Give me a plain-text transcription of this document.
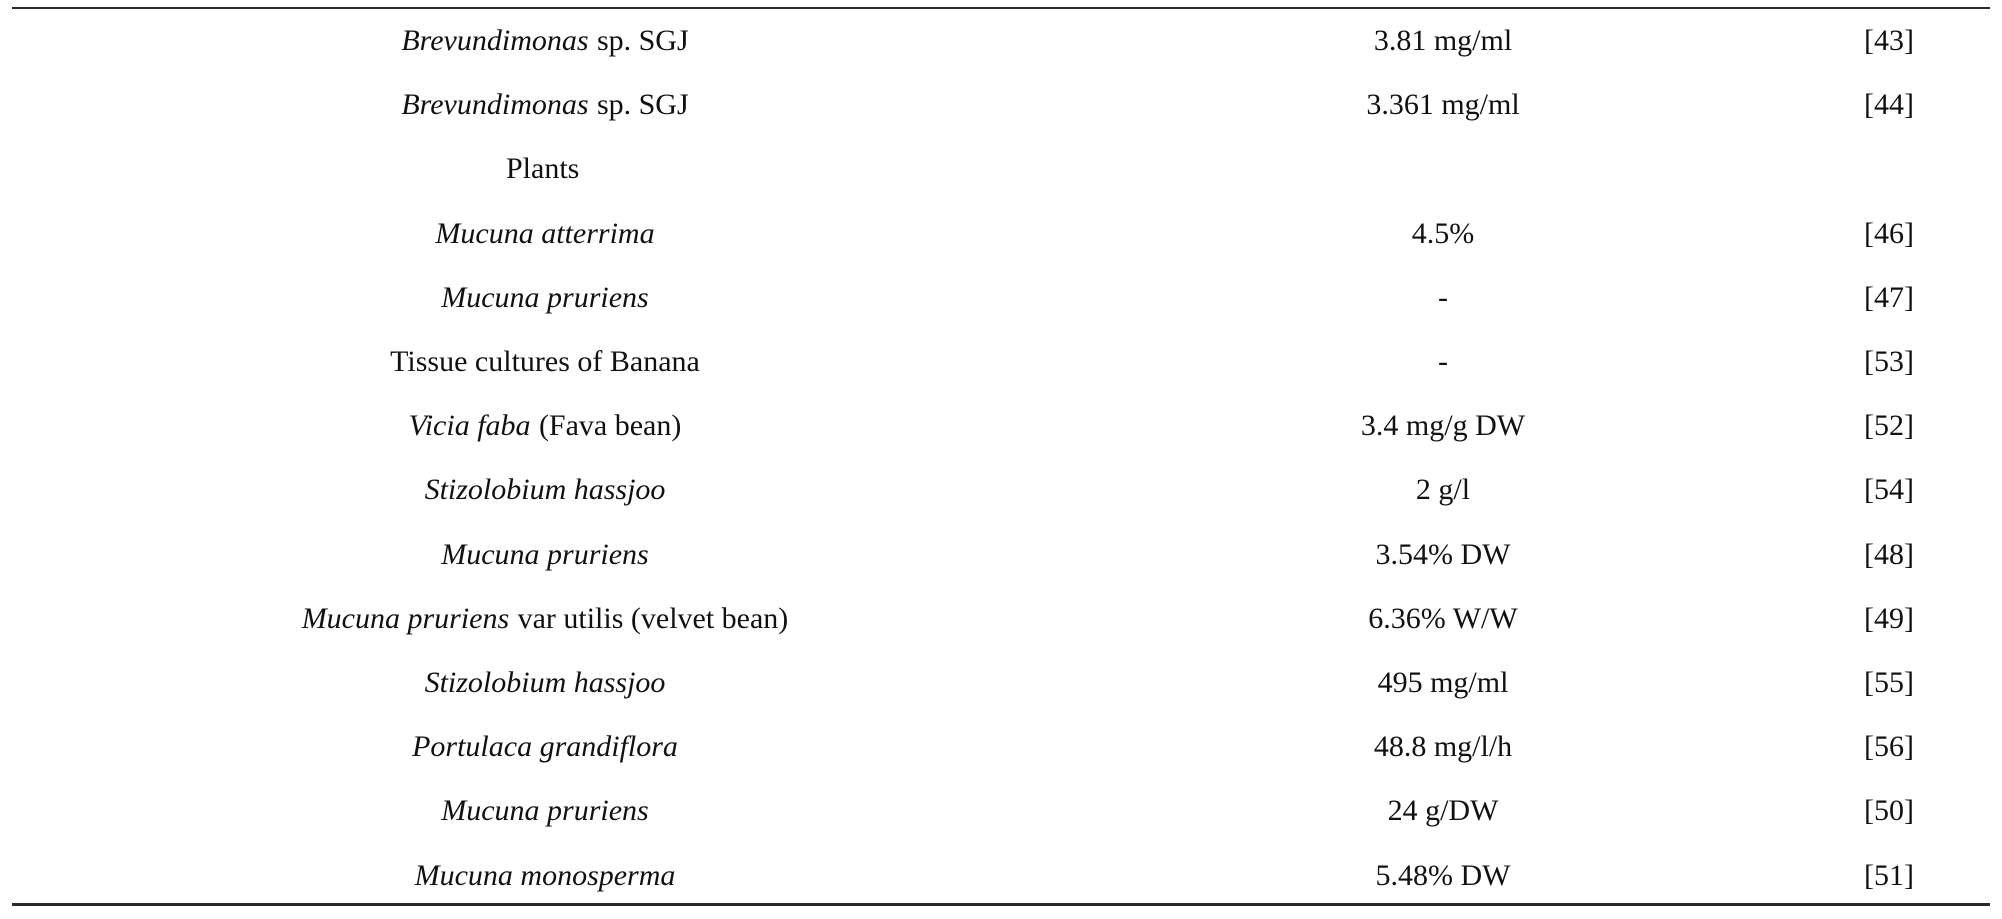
Brevundimonas sp. SGJ	3.81 mg/ml	[43]
Brevundimonas sp. SGJ	3.361 mg/ml	[44]
Plants
Mucuna atterrima	4.5%	[46]
Mucuna pruriens	-	[47]
Tissue cultures of Banana	-	[53]
Vicia faba (Fava bean)	3.4 mg/g DW	[52]
Stizolobium hassjoo	2 g/l	[54]
Mucuna pruriens	3.54% DW	[48]
Mucuna pruriens var utilis (velvet bean)	6.36% W/W	[49]
Stizolobium hassjoo	495 mg/ml	[55]
Portulaca grandiflora	48.8 mg/l/h	[56]
Mucuna pruriens	24 g/DW	[50]
Mucuna monosperma	5.48% DW	[51]
